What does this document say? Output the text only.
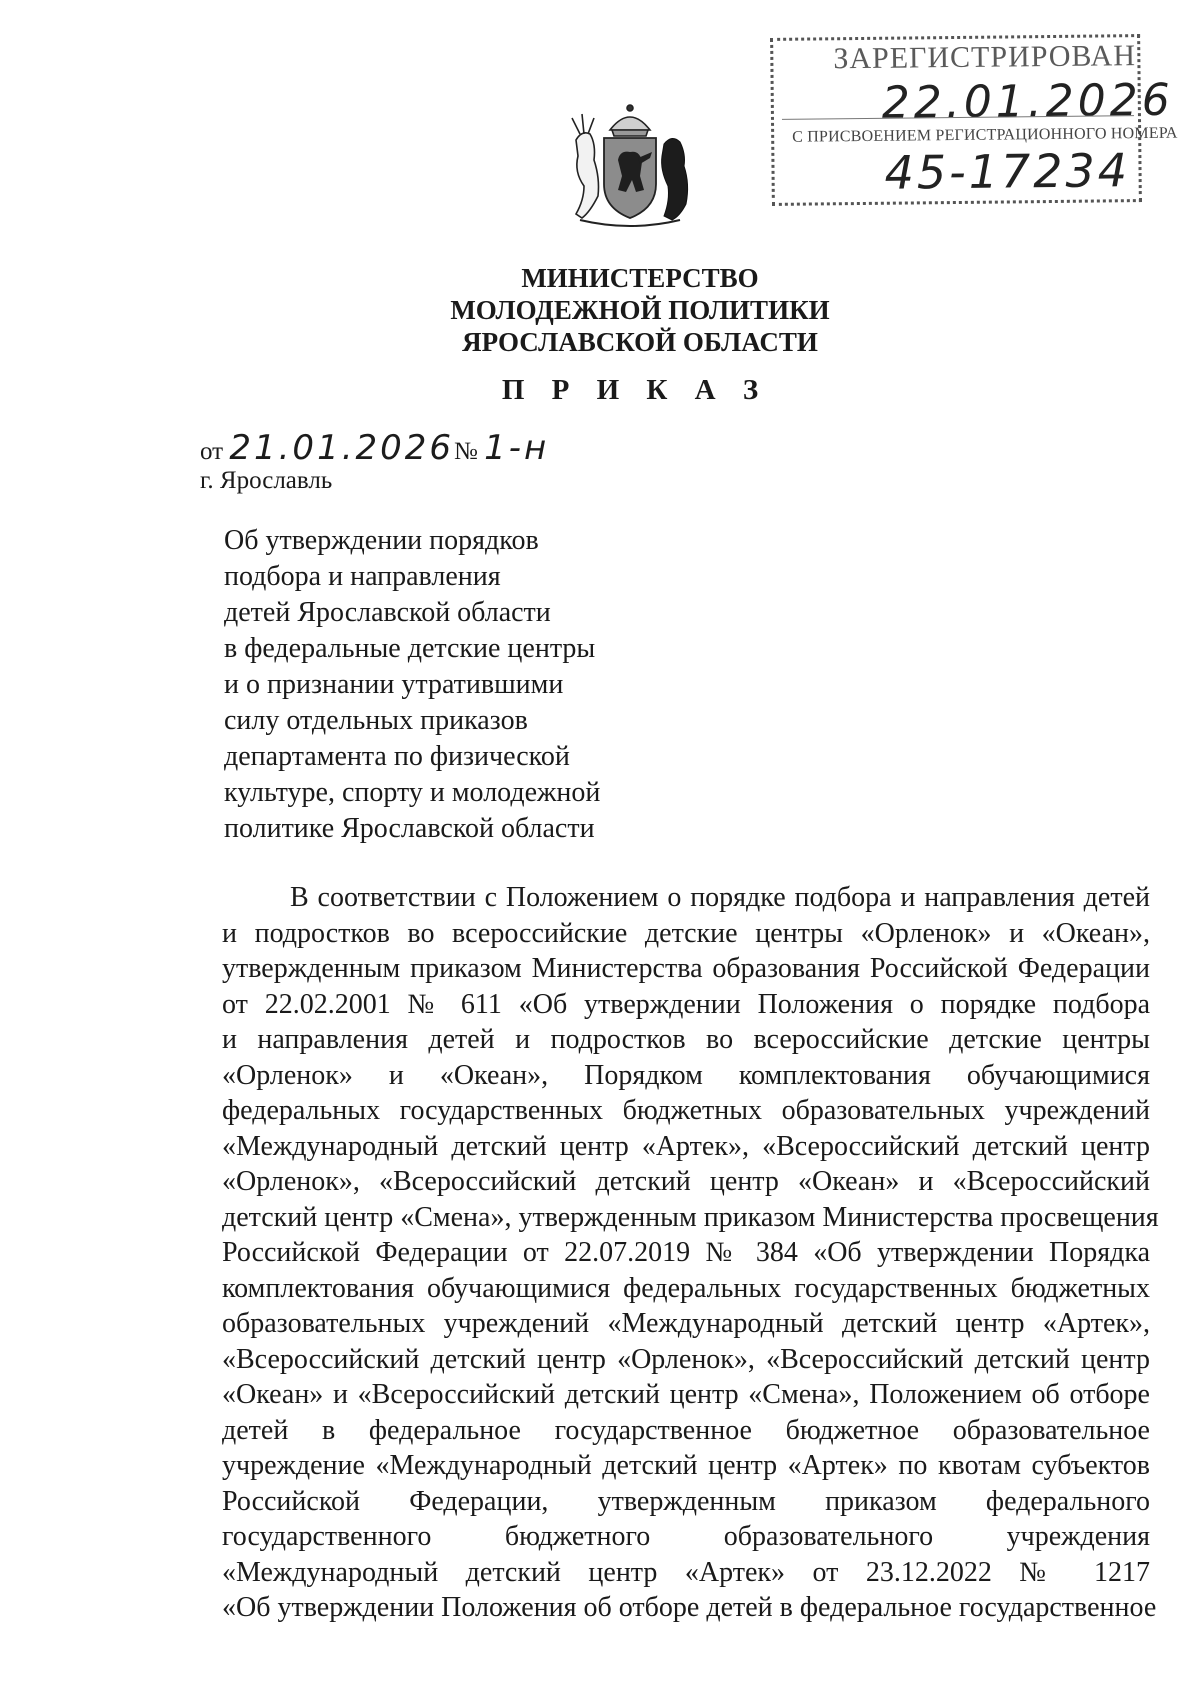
ЗАРЕГИСТРИРОВАН
22.01.2026
С ПРИСВОЕНИЕМ РЕГИСТРАЦИОННОГО НОМЕРА
45-17234
МИНИСТЕРСТВО
МОЛОДЕЖНОЙ ПОЛИТИКИ
ЯРОСЛАВСКОЙ ОБЛАСТИ
П Р И К А З
от 21.01.2026№ 1-н
г. Ярославль
Об утверждении порядков
подбора и направления
детей Ярославской области
в федеральные детские центры
и о признании утратившими
силу отдельных приказов
департамента по физической
культуре, спорту и молодежной
политике Ярославской области
В соответствии с Положением о порядке подбора и направления детей
и подростков во всероссийские детские центры «Орленок» и «Океан»,
утвержденным приказом Министерства образования Российской Федерации
от 22.02.2001 № 611 «Об утверждении Положения о порядке подбора
и направления детей и подростков во всероссийские детские центры
«Орленок» и «Океан», Порядком комплектования обучающимися
федеральных государственных бюджетных образовательных учреждений
«Международный детский центр «Артек», «Всероссийский детский центр
«Орленок», «Всероссийский детский центр «Океан» и «Всероссийский
детский центр «Смена», утвержденным приказом Министерства просвещения
Российской Федерации от 22.07.2019 № 384 «Об утверждении Порядка
комплектования обучающимися федеральных государственных бюджетных
образовательных учреждений «Международный детский центр «Артек»,
«Всероссийский детский центр «Орленок», «Всероссийский детский центр
«Океан» и «Всероссийский детский центр «Смена», Положением об отборе
детей в федеральное государственное бюджетное образовательное
учреждение «Международный детский центр «Артек» по квотам субъектов
Российской Федерации, утвержденным приказом федерального
государственного бюджетного образовательного учреждения
«Международный детский центр «Артек» от 23.12.2022 № 1217
«Об утверждении Положения об отборе детей в федеральное государственное
